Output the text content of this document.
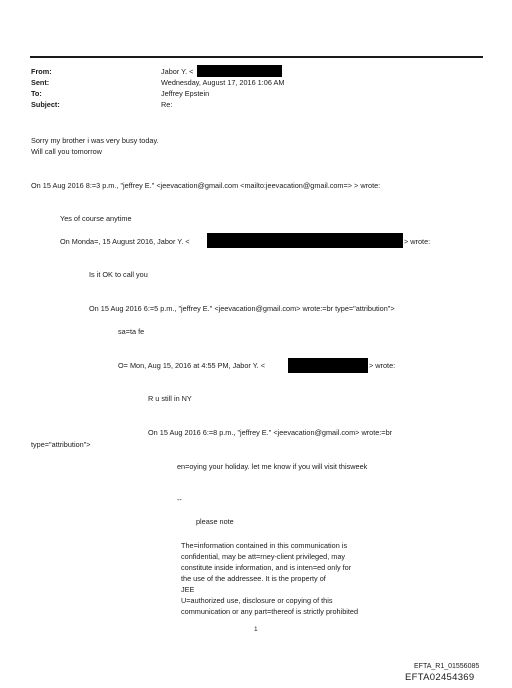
From:
Sent:
To:
Subject:
Jabor Y. <
Wednesday, August 17, 2016 1:06 AM
Jeffrey Epstein
Re:
Sorry my brother i was very busy today.
Will call you tomorrow
On 15 Aug 2016 8:=3 p.m., "jeffrey E." <jeevacation@gmail.com <mailto:jeevacation@gmail.com=> > wrote:
Yes of course anytime
On Monda=, 15 August 2016, Jabor Y. <	> wrote:
Is it OK to call you
On 15 Aug 2016 6:=5 p.m., "jeffrey E." <jeevacation@gmail.com> wrote:=br type="attribution">
sa=ta fe
O= Mon, Aug 15, 2016 at 4:55 PM, Jabor Y. <	> wrote:
R u still in NY
On 15 Aug 2016 6:=8 p.m., "jeffrey E." <jeevacation@gmail.com> wrote:=br
type="attribution">
en=oying your holiday. let me know if you will visit thisweek
--
please note
The=information contained in this communication is
confidential, may be att=rney-client privileged, may
constitute inside information, and is inten=ed only for
the use of the addressee. It is the property of
JEE
U=authorized use, disclosure or copying of this
communication or any part=thereof is strictly prohibited
1
EFTA_R1_01556085
EFTA02454369
